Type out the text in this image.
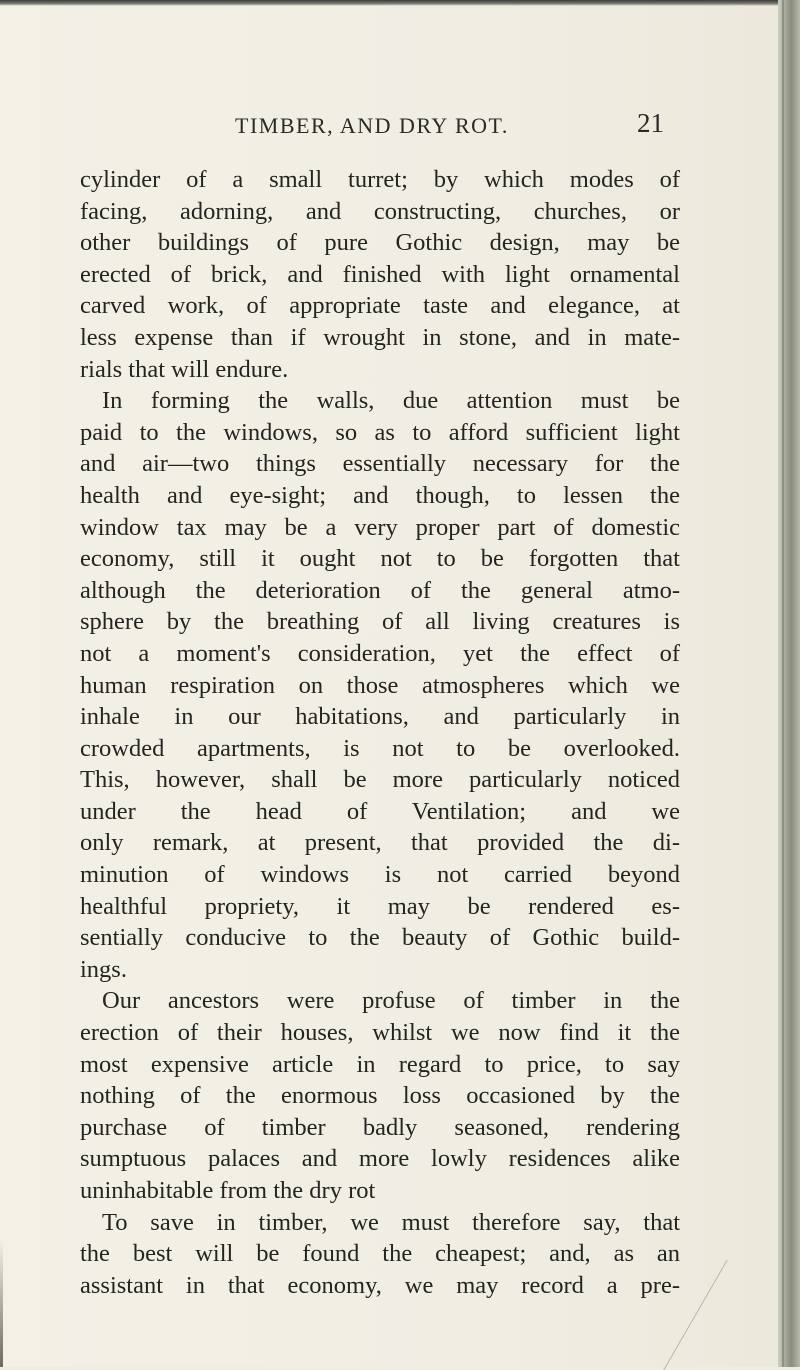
TIMBER, AND DRY ROT.	21
cylinder of a small turret; by which modes of
facing, adorning, and constructing, churches, or
other buildings of pure Gothic design, may be
erected of brick, and finished with light ornamental
carved work, of appropriate taste and elegance, at
less expense than if wrought in stone, and in mate-
rials that will endure.
In forming the walls, due attention must be
paid to the windows, so as to afford sufficient light
and air—two things essentially necessary for the
health and eye-sight; and though, to lessen the
window tax may be a very proper part of domestic
economy, still it ought not to be forgotten that
although the deterioration of the general atmo-
sphere by the breathing of all living creatures is
not a moment's consideration, yet the effect of
human respiration on those atmospheres which we
inhale in our habitations, and particularly in
crowded apartments, is not to be overlooked.
This, however, shall be more particularly noticed
under the head of Ventilation; and we
only remark, at present, that provided the di-
minution of windows is not carried beyond
healthful propriety, it may be rendered es-
sentially conducive to the beauty of Gothic build-
ings.
Our ancestors were profuse of timber in the
erection of their houses, whilst we now find it the
most expensive article in regard to price, to say
nothing of the enormous loss occasioned by the
purchase of timber badly seasoned, rendering
sumptuous palaces and more lowly residences alike
uninhabitable from the dry rot
To save in timber, we must therefore say, that
the best will be found the cheapest; and, as an
assistant in that economy, we may record a pre-
